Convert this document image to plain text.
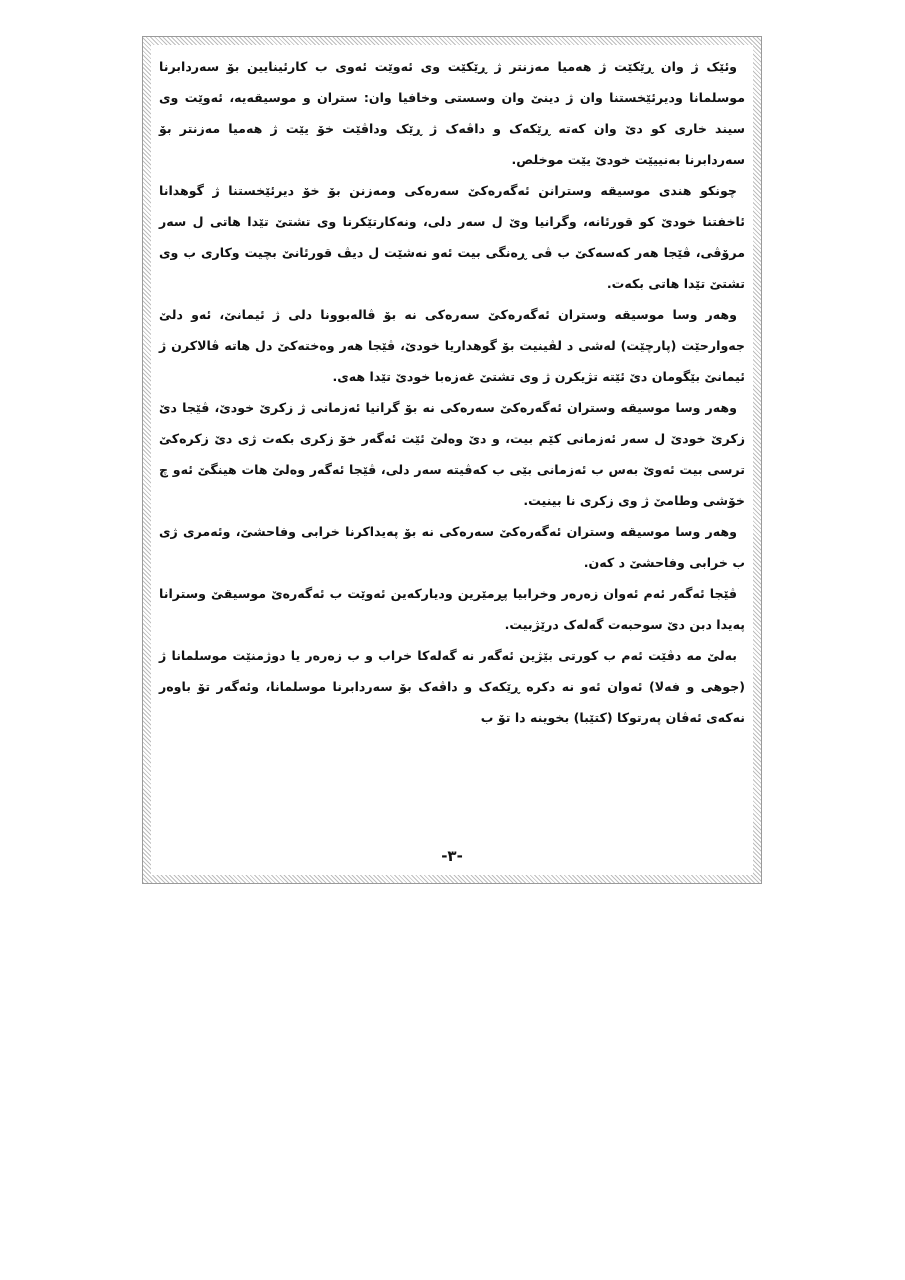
وئێک ژ وان ڕێکێت ژ هەمیا مەزنتر ژ ڕێکێت وی ئەوێت ئەوی ب کارئینایین بۆ سەردابرنا موسلمانا ودیرئێخستنا وان ژ دینێ وان وسستی وخافیا وان: ستران و موسیقەیە، ئەوێت وی سیند خاری کو دێ وان کەتە ڕێکەک و داڤەک ژ ڕێک وداڤێت خۆ یێت ژ هەمیا مەزنتر بۆ سەردابرنا بەنییێت خودێ یێت موخلص.

چونکو هندی موسیقە وسترانن ئەگەرەکێ سەرەکی ومەزنن بۆ خۆ دیرئێخستنا ژ گوهدانا ئاخفتنا خودێ کو قورئانە، وگرانیا وێ ل سەر دلی، ونەکارتێکرنا وی تشتێ تێدا هاتی ل سەر مرۆڤی، ڤێجا هەر کەسەکێ ب ڤی ڕەنگی بیت ئەو نەشێت ل دیڤ قورئانێ بچیت وکاری ب وی تشتێ تێدا هاتی بکەت.

وهەر وسا موسیقە وستران ئەگەرەکێ سەرەکی نە بۆ ڤالەبوونا دلی ژ ئیمانێ، ئەو دلێ جەوارحێت (پارچێت) لەشی د لڤینیت بۆ گوهداریا خودێ، ڤێجا هەر وەختەکێ دل هاتە ڤالاکرن ژ ئیمانێ بێگومان دێ ئێتە تژیکرن ژ وی تشتێ غەزەبا خودێ تێدا هەی.

وهەر وسا موسیقە وستران ئەگەرەکێ سەرەکی نە بۆ گرانیا ئەزمانی ژ زکرێ خودێ، ڤێجا دێ زکرێ خودێ ل سەر ئەزمانی کێم بیت، و دێ وەلێ ئێت ئەگەر خۆ زکری بکەت ژی دێ زکرەکێ ترسی بیت ئەوێ بەس ب ئەزمانی بێی ب کەڤیتە سەر دلی، ڤێجا ئەگەر وەلێ هات هینگێ ئەو چ خۆشی وطامێ ژ وی زکری نا بینیت.

وهەر وسا موسیقە وستران ئەگەرەکێ سەرەکی نە بۆ پەیداکرنا خرابی وفاحشێ، وئەمری ژی ب خرابی وفاحشێ د کەن.

ڤێجا ئەگەر ئەم ئەوان زەرەر وخرابیا پڕمێرین ودیارکەین ئەوێت ب ئەگەرەێ موسیقێ وسترانا پەیدا دبن دێ سوحبەت گەلەک درێژبیت.

بەلێ مە دڤێت ئەم ب کورتی بێژین ئەگەر نە گەلەکا خراب و ب زەرەر یا دوژمنێت موسلمانا ژ (جوهی و فەلا) ئەوان ئەو نە دکرە ڕێکەک و داڤەک بۆ سەردابرنا موسلمانا، وئەگەر تۆ باوەر نەکەی ئەڤان پەرتوکا (کتێبا) بخوینە دا تۆ ب

-٣-
